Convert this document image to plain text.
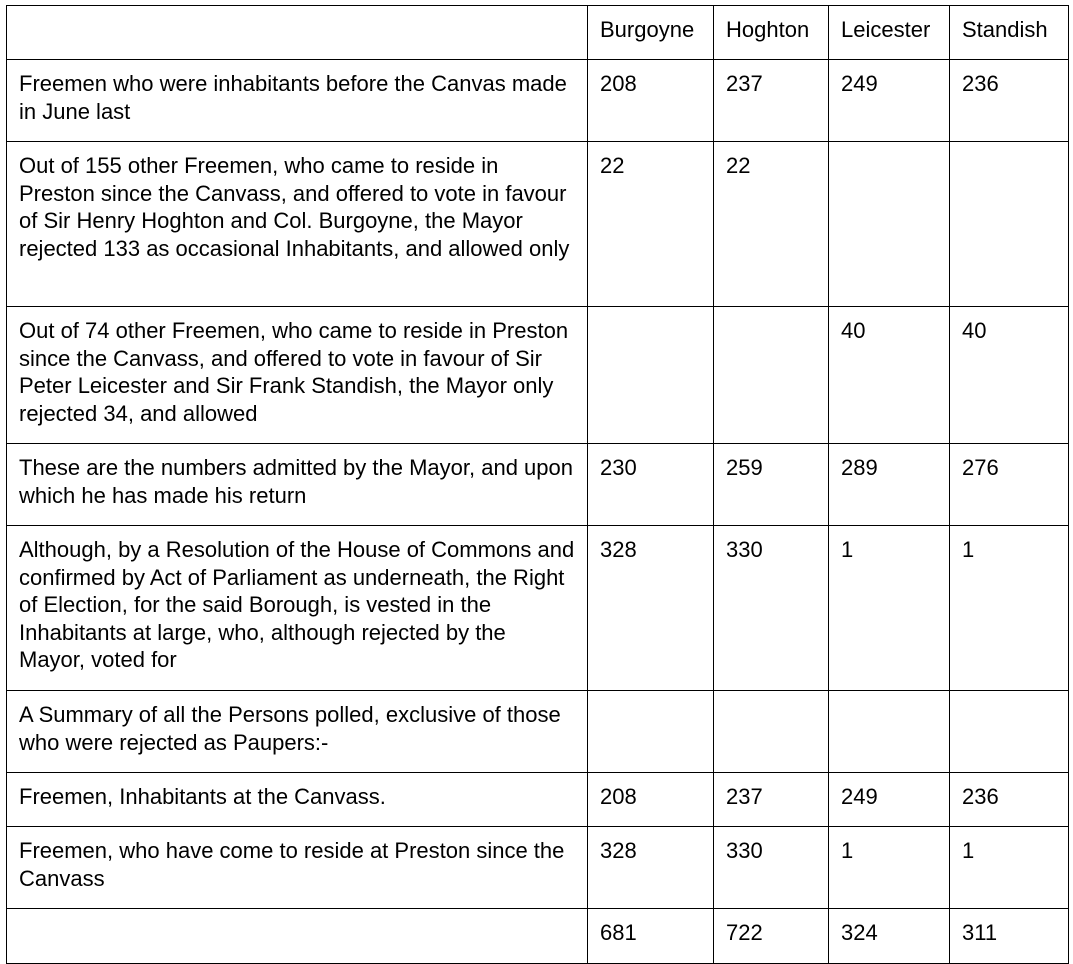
	Burgoyne	Hoghton	Leicester	Standish
Freemen who were inhabitants before the Canvas made in June last	208	237	249	236
Out of 155 other Freemen, who came to reside in Preston since the Canvass, and offered to vote in favour of Sir Henry Hoghton and Col. Burgoyne, the Mayor rejected 133 as occasional Inhabitants, and allowed only	22	22		
Out of 74 other Freemen, who came to reside in Preston since the Canvass, and offered to vote in favour of Sir Peter Leicester and Sir Frank Standish, the Mayor only rejected 34, and allowed			40	40
These are the numbers admitted by the Mayor, and upon which he has made his return	230	259	289	276
Although, by a Resolution of the House of Commons and confirmed by Act of Parliament as underneath, the Right of Election, for the said Borough, is vested in the Inhabitants at large, who, although rejected by the Mayor, voted for	328	330	1	1
A Summary of all the Persons polled, exclusive of those who were rejected as Paupers:-				
Freemen, Inhabitants at the Canvass.	208	237	249	236
Freemen, who have come to reside at Preston since the Canvass	328	330	1	1
	681	722	324	311
